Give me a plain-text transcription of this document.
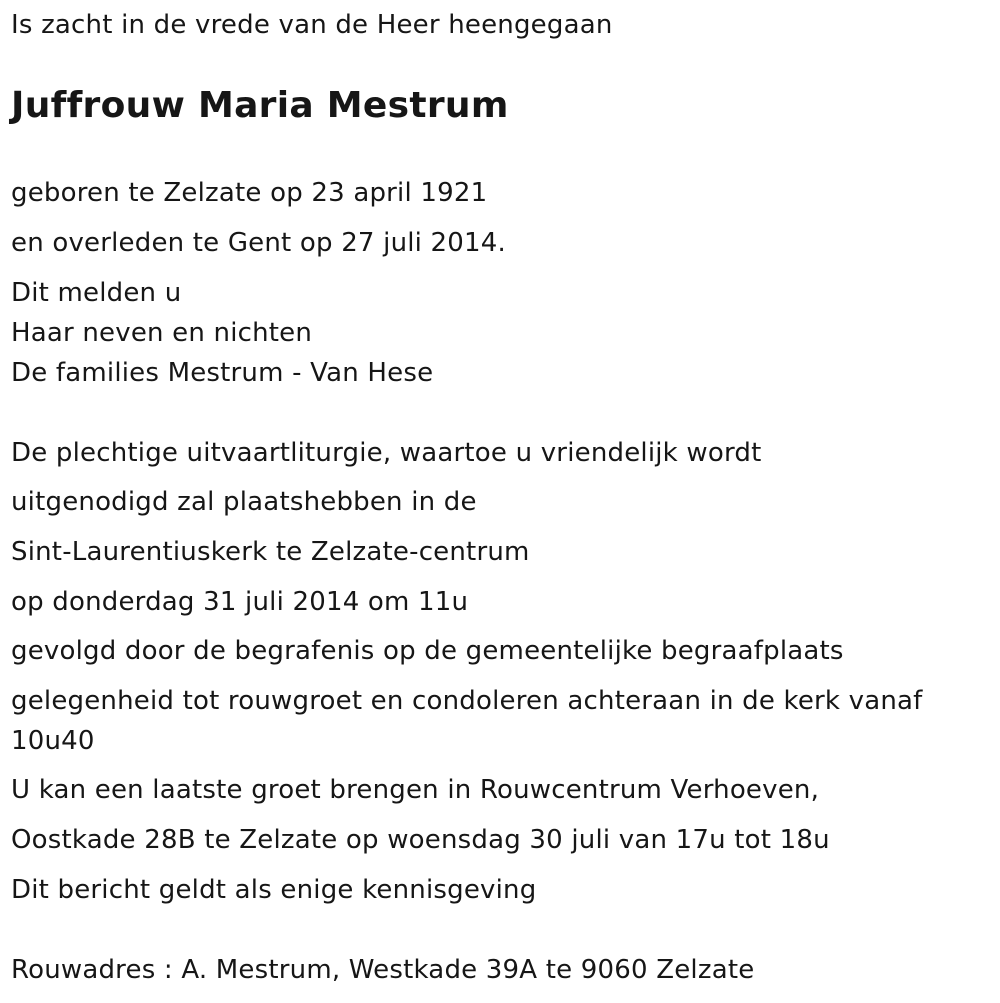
Is zacht in de vrede van de Heer heengegaan

Juffrouw Maria Mestrum

geboren te Zelzate op 23 april 1921

en overleden te Gent op 27 juli 2014.

Dit melden u

Haar neven en nichten

De families Mestrum - Van Hese

De plechtige uitvaartliturgie, waartoe u vriendelijk wordt

uitgenodigd zal plaatshebben in de

Sint-Laurentiuskerk te Zelzate-centrum

op donderdag 31 juli 2014 om 11u

gevolgd door de begrafenis op de gemeentelijke begraafplaats

gelegenheid tot rouwgroet en condoleren achteraan in de kerk vanaf 10u40

U kan een laatste groet brengen in Rouwcentrum Verhoeven,

Oostkade 28B te Zelzate op woensdag 30 juli van 17u tot 18u

Dit bericht geldt als enige kennisgeving

Rouwadres : A. Mestrum, Westkade 39A te 9060 Zelzate
